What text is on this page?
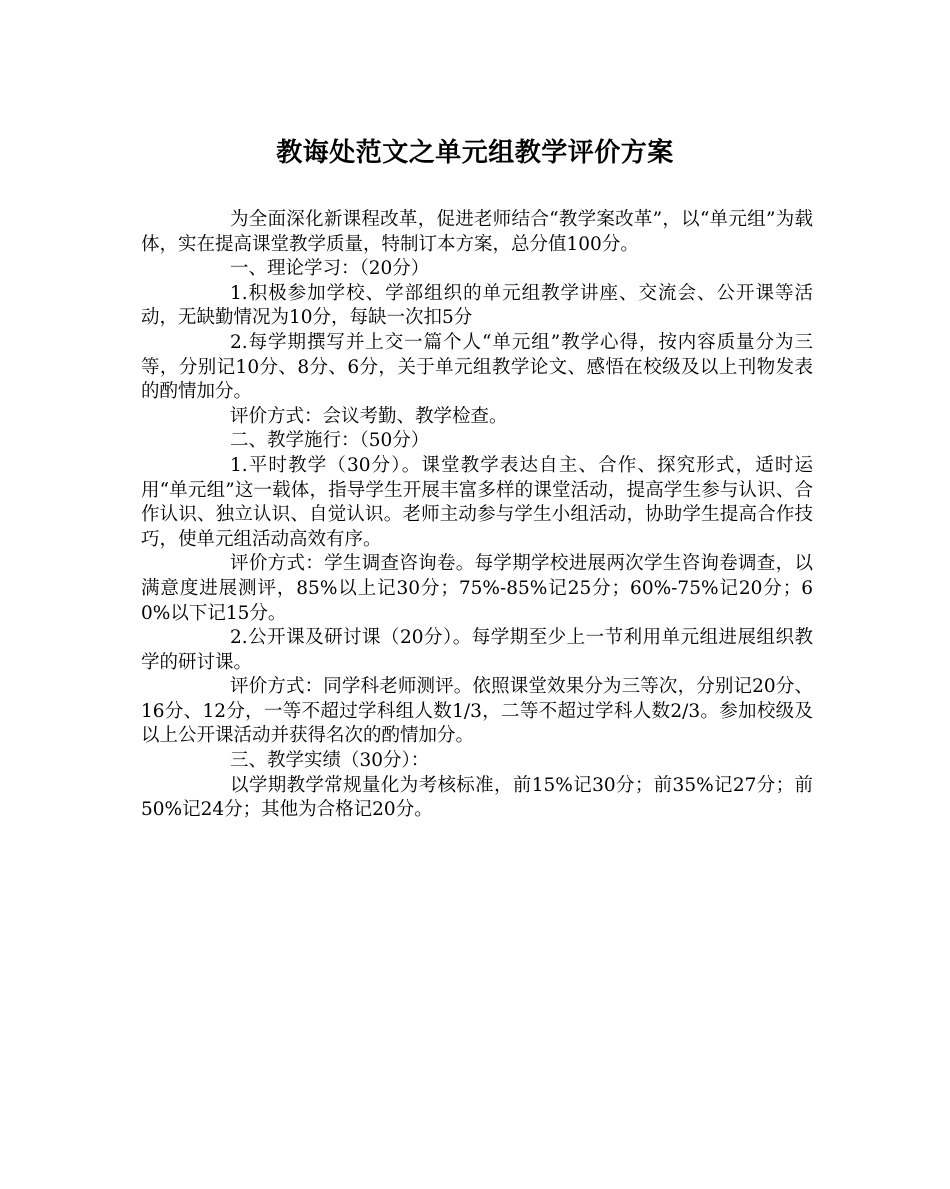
教诲处范文之单元组教学评价方案

为全面深化新课程改革，促进老师结合“教学案改革”，以“单元组”为载体，实在提高课堂教学质量，特制订本方案，总分值100分。

一、理论学习：（20分）

1.积极参加学校、学部组织的单元组教学讲座、交流会、公开课等活动，无缺勤情况为10分，每缺一次扣5分

2.每学期撰写并上交一篇个人“单元组”教学心得，按内容质量分为三等，分别记10分、8分、6分，关于单元组教学论文、感悟在校级及以上刊物发表的酌情加分。

评价方式：会议考勤、教学检查。

二、教学施行：（50分）

1.平时教学（30分）。课堂教学表达自主、合作、探究形式，适时运用“单元组”这一载体，指导学生开展丰富多样的课堂活动，提高学生参与认识、合作认识、独立认识、自觉认识。老师主动参与学生小组活动，协助学生提高合作技巧，使单元组活动高效有序。

评价方式：学生调查咨询卷。每学期学校进展两次学生咨询卷调查，以满意度进展测评，85%以上记30分；75%-85%记25分；60%-75%记20分；60%以下记15分。

2.公开课及研讨课（20分）。每学期至少上一节利用单元组进展组织教学的研讨课。

评价方式：同学科老师测评。依照课堂效果分为三等次，分别记20分、16分、12分，一等不超过学科组人数1/3，二等不超过学科人数2/3。参加校级及以上公开课活动并获得名次的酌情加分。

三、教学实绩（30分）：

以学期教学常规量化为考核标准，前15%记30分；前35%记27分；前50%记24分；其他为合格记20分。
